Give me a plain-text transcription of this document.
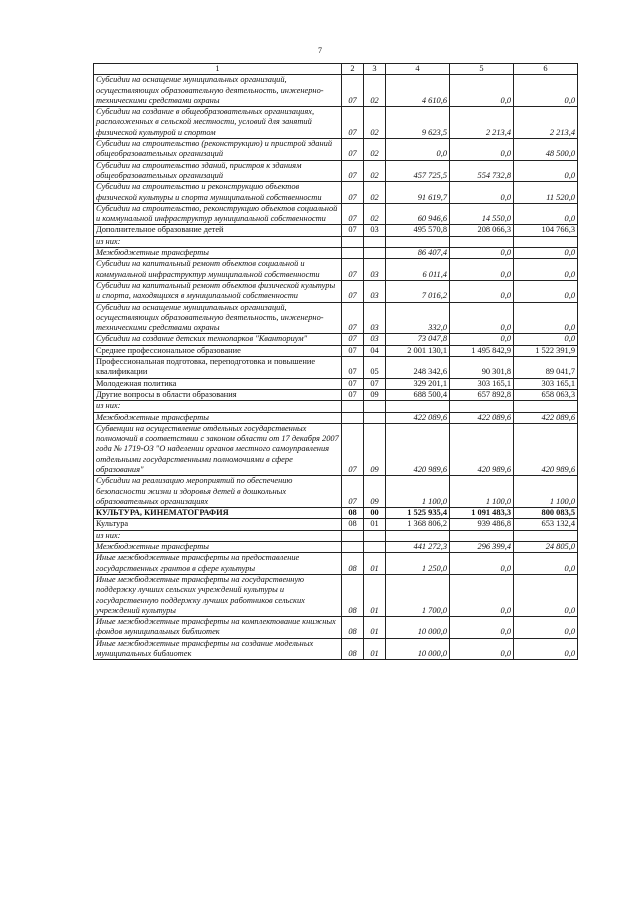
7
1	2	3	4	5	6
Субсидии на оснащение муниципальных организаций, осуществляющих образовательную деятельность, инженерно-техническими средствами охраны	07	02	4 610,6	0,0	0,0
Субсидии на создание в общеобразовательных организациях, расположенных в сельской местности, условий для занятий физической культурой и спортом	07	02	9 623,5	2 213,4	2 213,4
Субсидии на строительство (реконструкцию) и пристрой зданий общеобразовательных организаций	07	02	0,0	0,0	48 500,0
Субсидии на строительство зданий, пристроя к зданиям общеобразовательных организаций	07	02	457 725,5	554 732,8	0,0
Субсидии на строительство и реконструкцию объектов физической культуры и спорта муниципальной собственности	07	02	91 619,7	0,0	11 520,0
Субсидии на строительство, реконструкцию объектов социальной и коммунальной инфраструктур муниципальной собственности	07	02	60 946,6	14 550,0	0,0
Дополнительное образование детей	07	03	495 570,8	208 066,3	104 766,3
из них:					
Межбюджетные трансферты			86 407,4	0,0	0,0
Субсидии на капитальный ремонт объектов социальной и коммунальной инфраструктур муниципальной собственности	07	03	6 011,4	0,0	0,0
Субсидии на капитальный ремонт объектов физической культуры и спорта, находящихся в муниципальной собственности	07	03	7 016,2	0,0	0,0
Субсидии на оснащение муниципальных организаций, осуществляющих образовательную деятельность, инженерно-техническими средствами охраны	07	03	332,0	0,0	0,0
Субсидии на создание детских технопарков "Кванториум"	07	03	73 047,8	0,0	0,0
Среднее профессиональное образование	07	04	2 001 130,1	1 495 842,9	1 522 391,9
Профессиональная подготовка, переподготовка и повышение квалификации	07	05	248 342,6	90 301,8	89 041,7
Молодежная политика	07	07	329 201,1	303 165,1	303 165,1
Другие вопросы в области образования	07	09	688 500,4	657 892,8	658 063,3
из них:					
Межбюджетные трансферты			422 089,6	422 089,6	422 089,6
Субвенции на осуществление отдельных государственных полномочий в соответствии с законом области от 17 декабря 2007 года № 1719-ОЗ "О наделении органов местного самоуправления отдельными государственными полномочиями в сфере образования"	07	09	420 989,6	420 989,6	420 989,6
Субсидии на реализацию мероприятий по обеспечению безопасности жизни и здоровья детей в дошкольных образовательных организациях	07	09	1 100,0	1 100,0	1 100,0
КУЛЬТУРА, КИНЕМАТОГРАФИЯ	08	00	1 525 935,4	1 091 483,3	800 083,5
Культура	08	01	1 368 806,2	939 486,8	653 132,4
из них:					
Межбюджетные трансферты			441 272,3	296 399,4	24 805,0
Иные межбюджетные трансферты на предоставление государственных грантов в сфере культуры	08	01	1 250,0	0,0	0,0
Иные межбюджетные трансферты на государственную поддержку лучших сельских учреждений культуры и государственную поддержку лучших работников сельских учреждений культуры	08	01	1 700,0	0,0	0,0
Иные межбюджетные трансферты на комплектование книжных фондов муниципальных библиотек	08	01	10 000,0	0,0	0,0
Иные межбюджетные трансферты на создание модельных муниципальных библиотек	08	01	10 000,0	0,0	0,0
